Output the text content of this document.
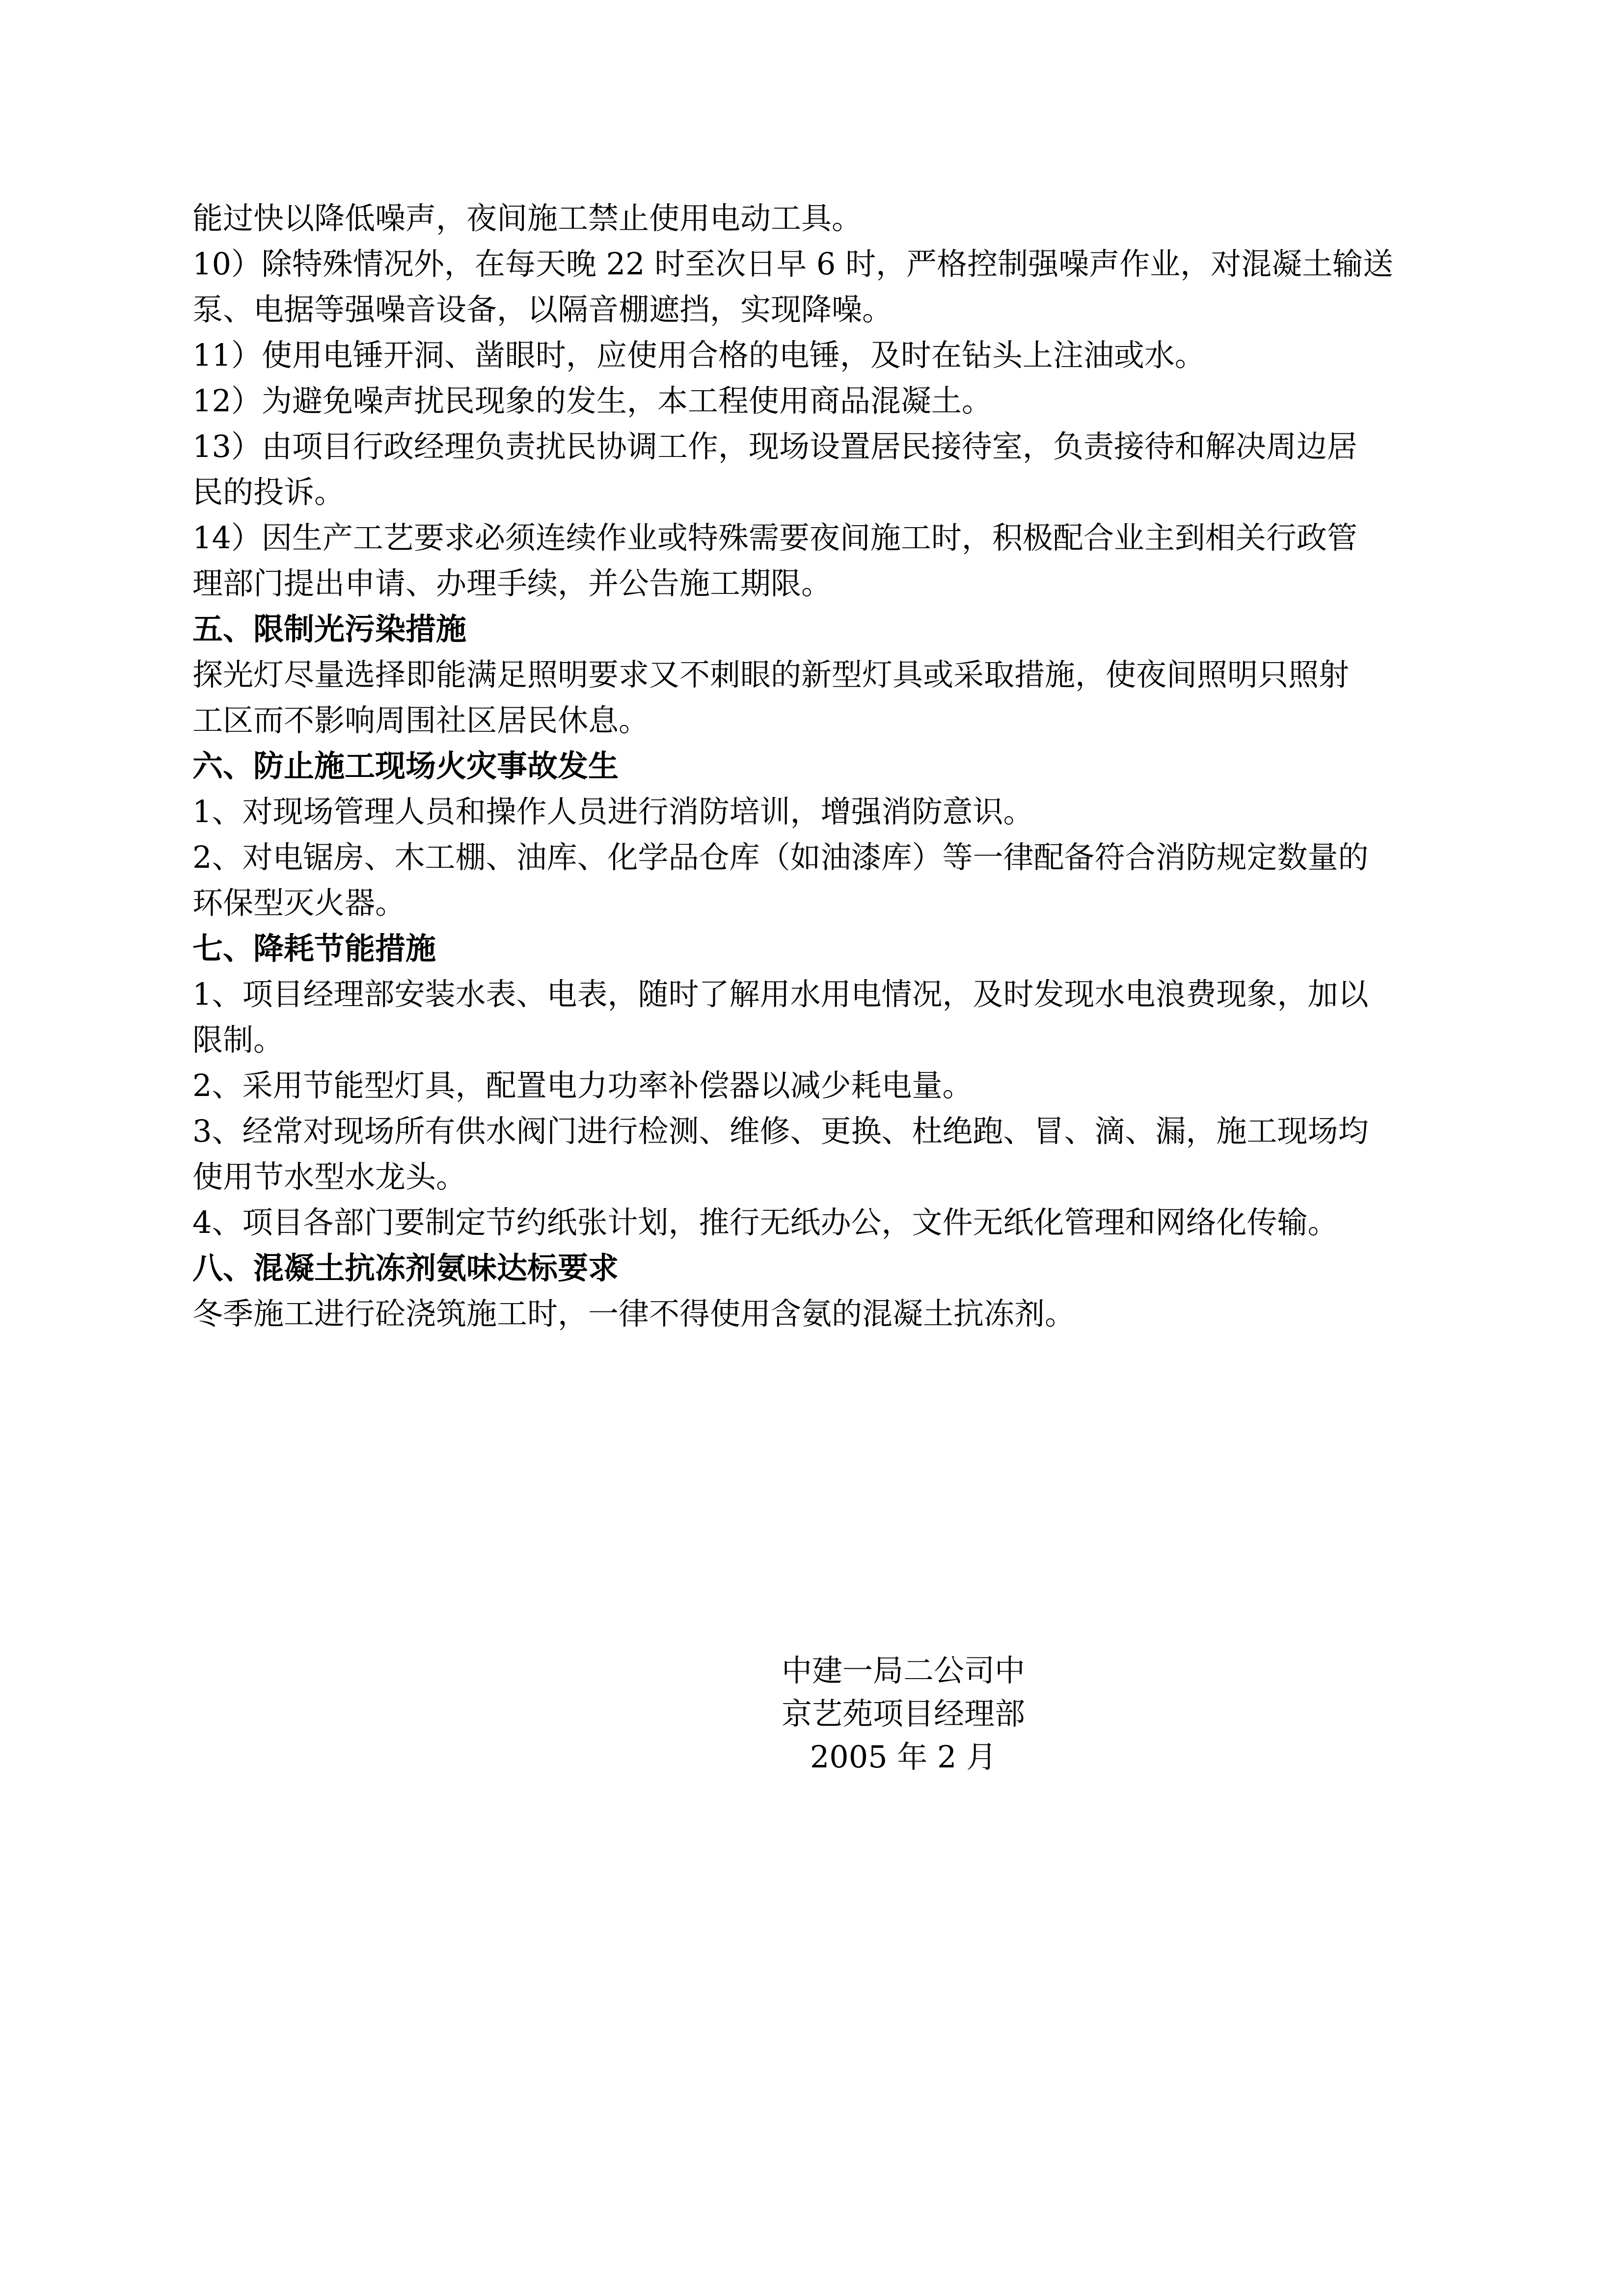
能过快以降低噪声，夜间施工禁止使用电动工具。
10）除特殊情况外，在每天晚 22 时至次日早 6 时，严格控制强噪声作业，对混凝土输送
泵、电据等强噪音设备，以隔音棚遮挡，实现降噪。
11）使用电锤开洞、凿眼时，应使用合格的电锤，及时在钻头上注油或水。
12）为避免噪声扰民现象的发生，本工程使用商品混凝土。
13）由项目行政经理负责扰民协调工作，现场设置居民接待室，负责接待和解决周边居
民的投诉。
14）因生产工艺要求必须连续作业或特殊需要夜间施工时，积极配合业主到相关行政管
理部门提出申请、办理手续，并公告施工期限。
五、限制光污染措施
探光灯尽量选择即能满足照明要求又不刺眼的新型灯具或采取措施，使夜间照明只照射
工区而不影响周围社区居民休息。
六、防止施工现场火灾事故发生
1、对现场管理人员和操作人员进行消防培训，增强消防意识。
2、对电锯房、木工棚、油库、化学品仓库（如油漆库）等一律配备符合消防规定数量的
环保型灭火器。
七、降耗节能措施
1、项目经理部安装水表、电表，随时了解用水用电情况，及时发现水电浪费现象，加以
限制。
2、采用节能型灯具，配置电力功率补偿器以减少耗电量。
3、经常对现场所有供水阀门进行检测、维修、更换、杜绝跑、冒、滴、漏，施工现场均
使用节水型水龙头。
4、项目各部门要制定节约纸张计划，推行无纸办公，文件无纸化管理和网络化传输。
八、混凝土抗冻剂氨味达标要求
冬季施工进行砼浇筑施工时，一律不得使用含氨的混凝土抗冻剂。
中建一局二公司中
京艺苑项目经理部
2005 年 2 月
